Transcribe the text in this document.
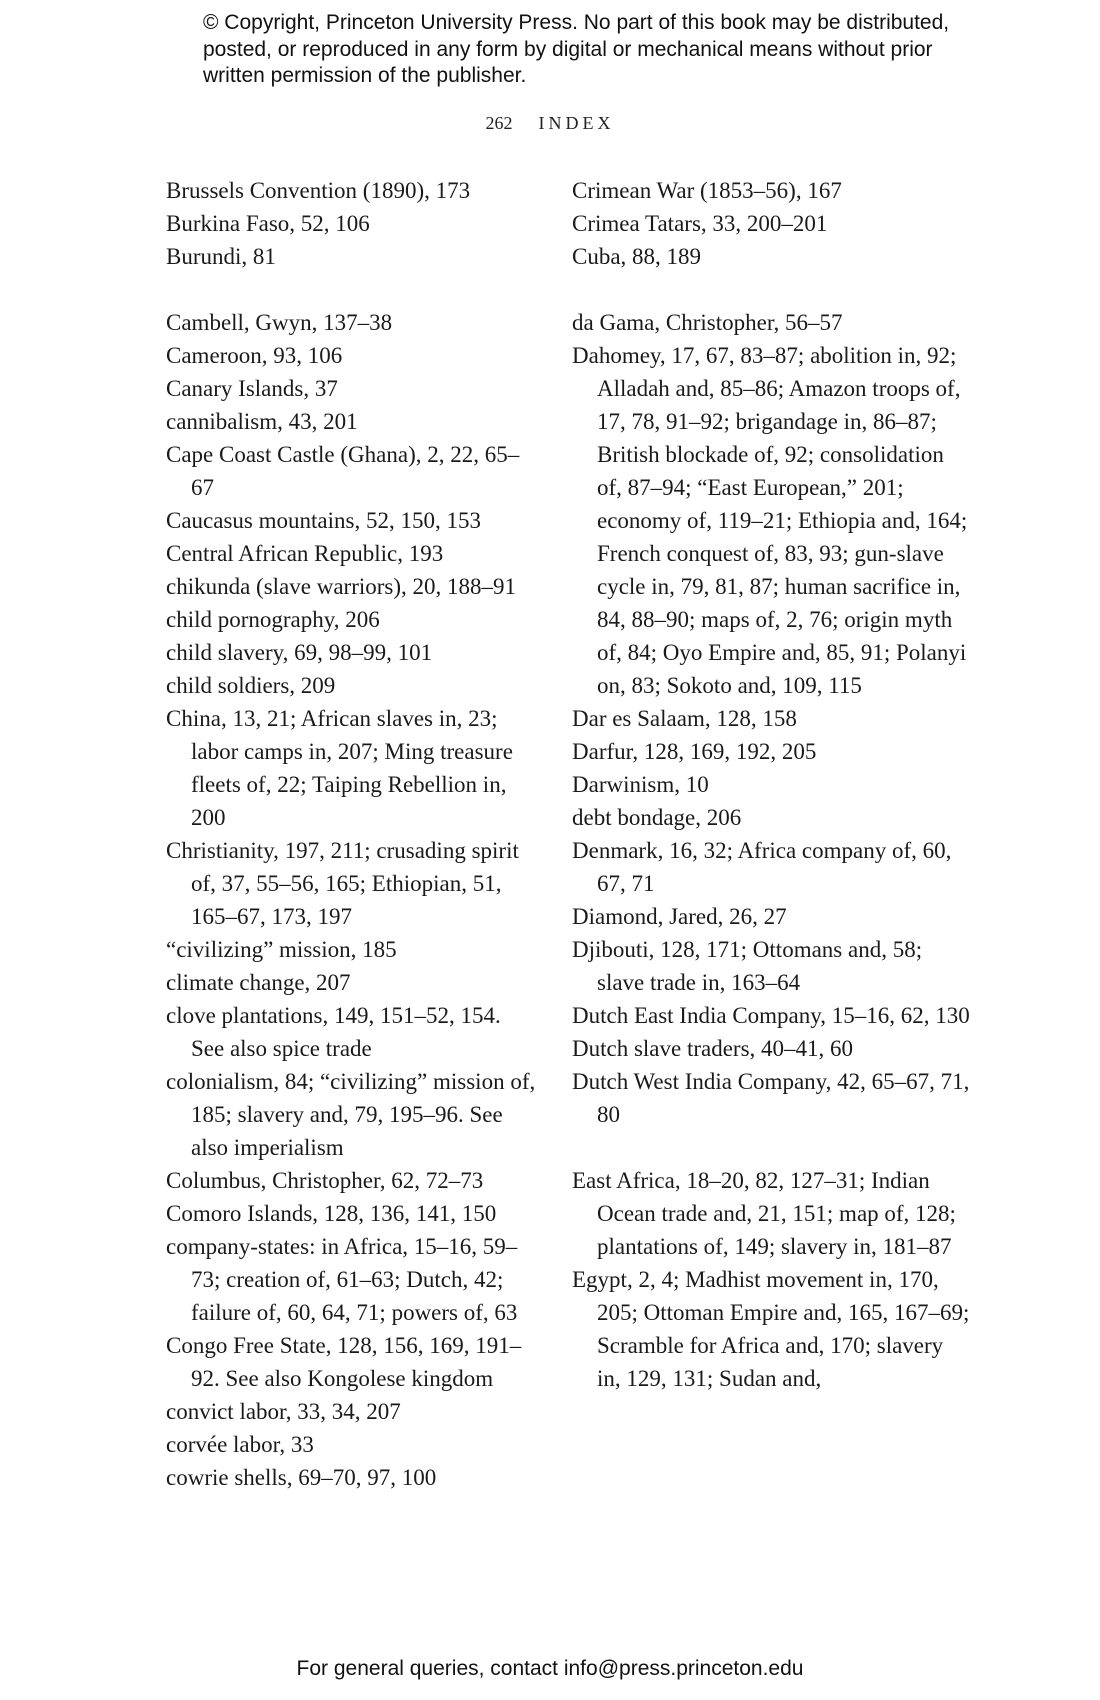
© Copyright, Princeton University Press. No part of this book may be distributed, posted, or reproduced in any form by digital or mechanical means without prior written permission of the publisher.
262 INDEX
Brussels Convention (1890), 173
Burkina Faso, 52, 106
Burundi, 81
Cambell, Gwyn, 137–38
Cameroon, 93, 106
Canary Islands, 37
cannibalism, 43, 201
Cape Coast Castle (Ghana), 2, 22, 65–67
Caucasus mountains, 52, 150, 153
Central African Republic, 193
chikunda (slave warriors), 20, 188–91
child pornography, 206
child slavery, 69, 98–99, 101
child soldiers, 209
China, 13, 21; African slaves in, 23; labor camps in, 207; Ming treasure fleets of, 22; Taiping Rebellion in, 200
Christianity, 197, 211; crusading spirit of, 37, 55–56, 165; Ethiopian, 51, 165–67, 173, 197
“civilizing” mission, 185
climate change, 207
clove plantations, 149, 151–52, 154. See also spice trade
colonialism, 84; “civilizing” mission of, 185; slavery and, 79, 195–96. See also imperialism
Columbus, Christopher, 62, 72–73
Comoro Islands, 128, 136, 141, 150
company-states: in Africa, 15–16, 59–73; creation of, 61–63; Dutch, 42; failure of, 60, 64, 71; powers of, 63
Congo Free State, 128, 156, 169, 191–92. See also Kongolese kingdom
convict labor, 33, 34, 207
corvée labor, 33
cowrie shells, 69–70, 97, 100
Crimean War (1853–56), 167
Crimea Tatars, 33, 200–201
Cuba, 88, 189
da Gama, Christopher, 56–57
Dahomey, 17, 67, 83–87; abolition in, 92; Alladah and, 85–86; Amazon troops of, 17, 78, 91–92; brigandage in, 86–87; British blockade of, 92; consolidation of, 87–94; “East European,” 201; economy of, 119–21; Ethiopia and, 164; French conquest of, 83, 93; gun-slave cycle in, 79, 81, 87; human sacrifice in, 84, 88–90; maps of, 2, 76; origin myth of, 84; Oyo Empire and, 85, 91; Polanyi on, 83; Sokoto and, 109, 115
Dar es Salaam, 128, 158
Darfur, 128, 169, 192, 205
Darwinism, 10
debt bondage, 206
Denmark, 16, 32; Africa company of, 60, 67, 71
Diamond, Jared, 26, 27
Djibouti, 128, 171; Ottomans and, 58; slave trade in, 163–64
Dutch East India Company, 15–16, 62, 130
Dutch slave traders, 40–41, 60
Dutch West India Company, 42, 65–67, 71, 80
East Africa, 18–20, 82, 127–31; Indian Ocean trade and, 21, 151; map of, 128; plantations of, 149; slavery in, 181–87
Egypt, 2, 4; Madhist movement in, 170, 205; Ottoman Empire and, 165, 167–69; Scramble for Africa and, 170; slavery in, 129, 131; Sudan and,
For general queries, contact info@press.princeton.edu
